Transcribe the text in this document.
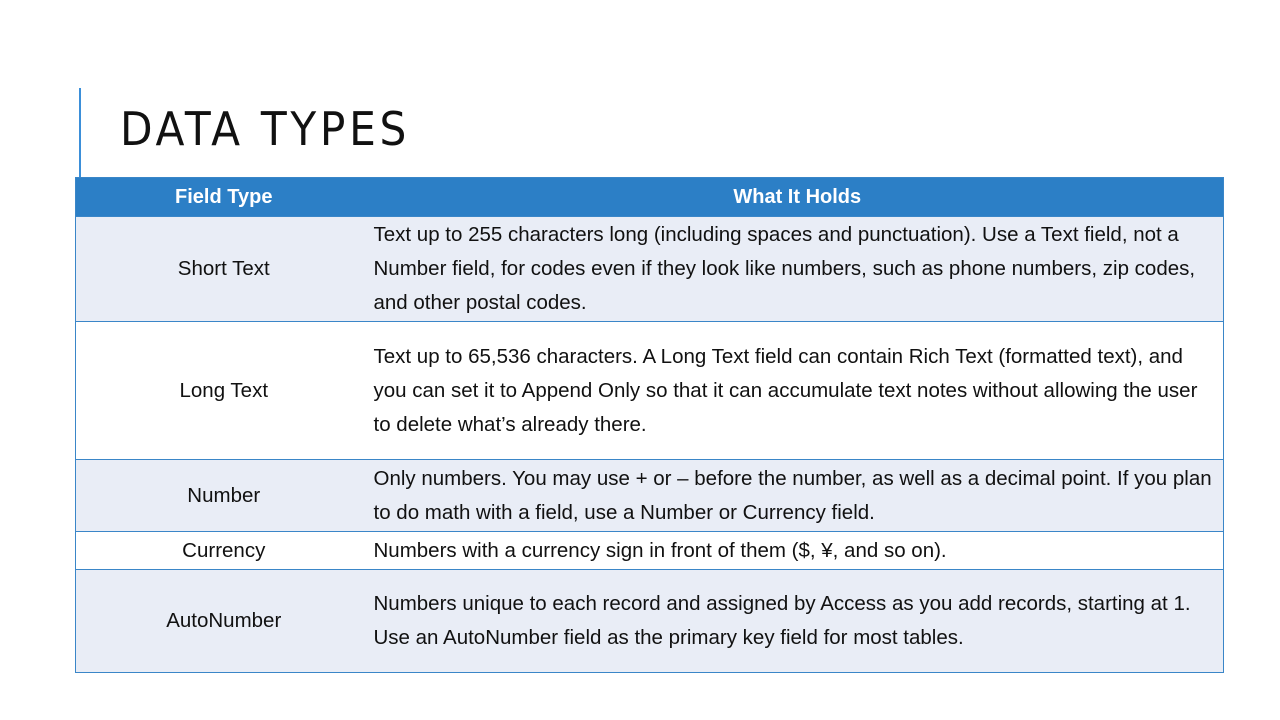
DATA TYPES
Field Type	What It Holds
Short Text	Text up to 255 characters long (including spaces and punctuation). Use a Text field, not a Number field, for codes even if they look like numbers, such as phone numbers, zip codes, and other postal codes.
Long Text	Text up to 65,536 characters. A Long Text field can contain Rich Text (formatted text), and you can set it to Append Only so that it can accumulate text notes without allowing the user to delete what’s already there.
Number	Only numbers. You may use + or – before the number, as well as a decimal point. If you plan to do math with a field, use a Number or Currency field.
Currency	Numbers with a currency sign in front of them ($, ¥, and so on).
AutoNumber	Numbers unique to each record and assigned by Access as you add records, starting at 1. Use an AutoNumber field as the primary key field for most tables.
